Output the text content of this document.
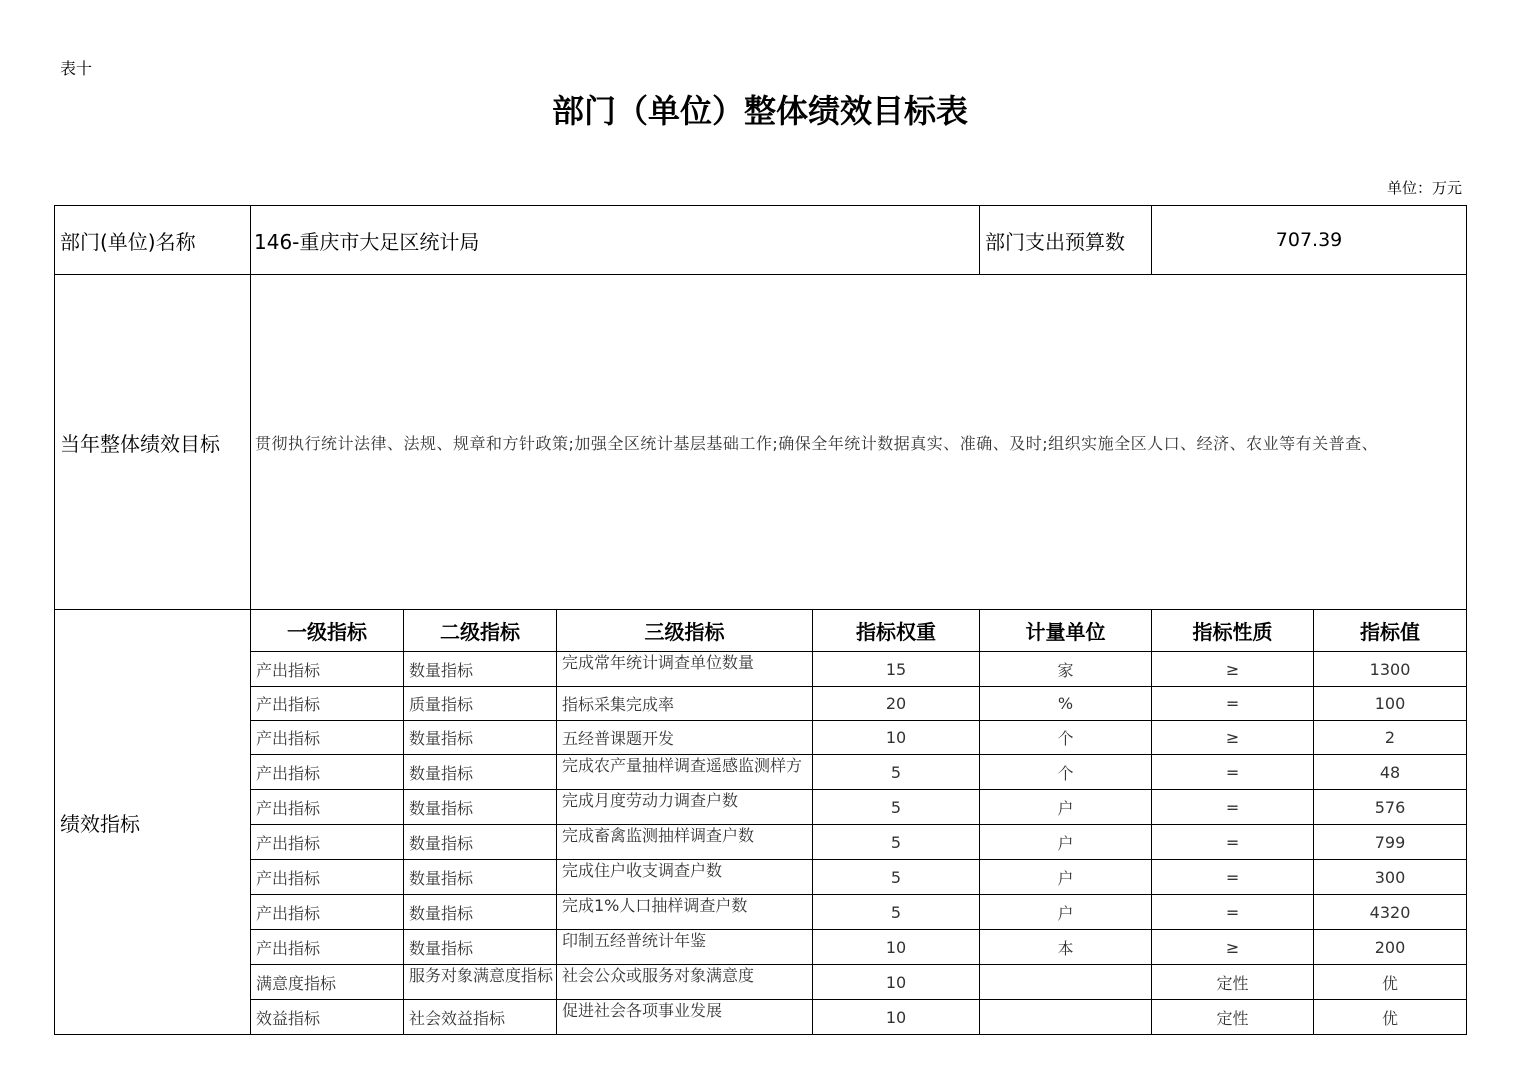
表十
部门（单位）整体绩效目标表
单位：万元
部门(单位)名称	146-重庆市大足区统计局				部门支出预算数	707.39	
当年整体绩效目标	贯彻执行统计法律、法规、规章和方针政策;加强全区统计基层基础工作;确保全年统计数据真实、准确、及时;组织实施全区人口、经济、农业等有关普查、						
绩效指标	一级指标	二级指标	三级指标	指标权重	计量单位	指标性质	指标值
	产出指标	数量指标	完成常年统计调查单位数量	15	家	≥	1300
	产出指标	质量指标	指标采集完成率	20	%	=	100
	产出指标	数量指标	五经普课题开发	10	个	≥	2
	产出指标	数量指标	完成农产量抽样调查遥感监测样方	5	个	=	48
	产出指标	数量指标	完成月度劳动力调查户数	5	户	=	576
	产出指标	数量指标	完成畜禽监测抽样调查户数	5	户	=	799
	产出指标	数量指标	完成住户收支调查户数	5	户	=	300
	产出指标	数量指标	完成1%人口抽样调查户数	5	户	=	4320
	产出指标	数量指标	印制五经普统计年鉴	10	本	≥	200
	满意度指标	服务对象满意度指标	社会公众或服务对象满意度	10		定性	优
	效益指标	社会效益指标	促进社会各项事业发展	10		定性	优
